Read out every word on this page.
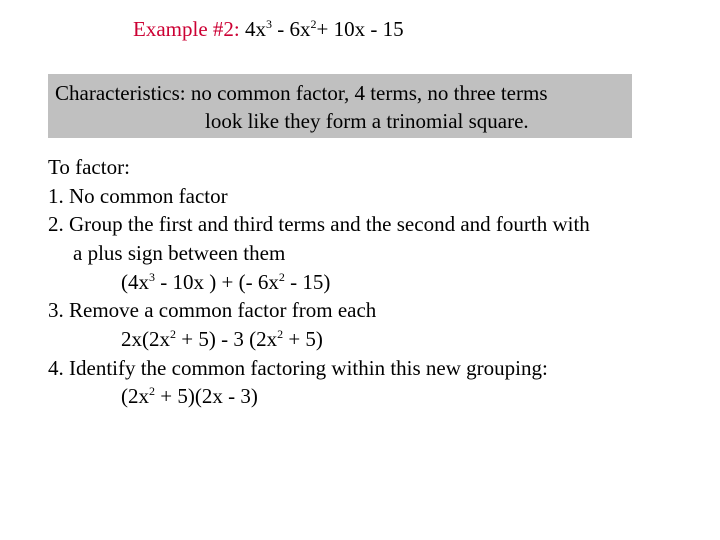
Example #2: $4x^3 - 6x^2+ 10x - 15$
Characteristics: no common factor, 4 terms, no three terms
look like they form a trinomial square.
To factor:
1. No common factor
2. Group the first and third terms and the second and fourth with
a plus sign between them
($4x^3 - 10x$ ) + (- $6x^2 - 15$)
3. Remove a common factor from each
$2x(2x^2 + 5) - 3$ $(2x^2 + 5)$
4. Identify the common factoring within this new grouping:
$(2x^2 + 5)(2x - 3)$
